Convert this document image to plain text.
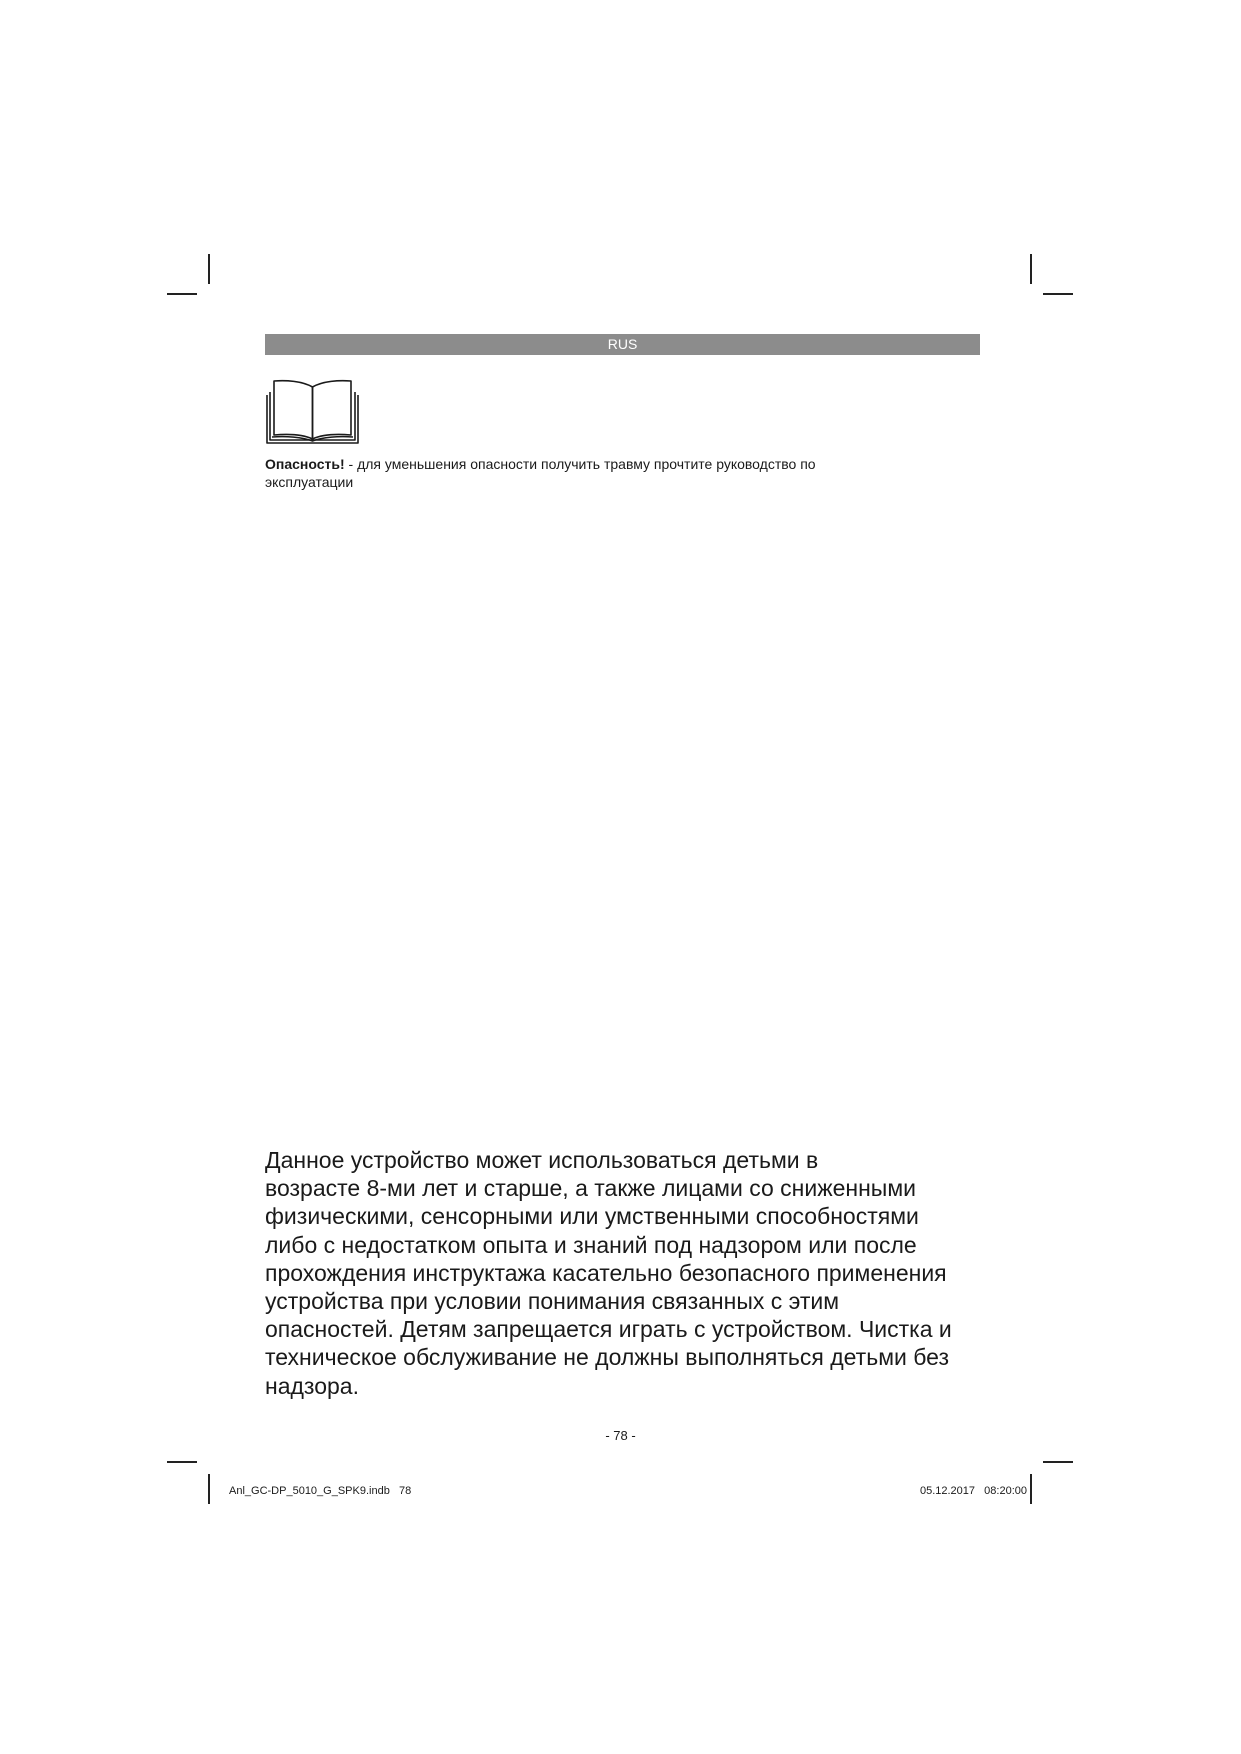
RUS
Опасность! - для уменьшения опасности получить травму прочтите руководство по
эксплуатации

Данное устройство может использоваться детьми в

возрасте 8-ми лет и старше, а также лицами со сниженными

физическими, сенсорными или умственными способностями

либо с недостатком опыта и знаний под надзором или после

прохождения инструктажа касательно безопасного применения

устройства при условии понимания связанных с этим

опасностей. Детям запрещается играть с устройством. Чистка и

техническое обслуживание не должны выполняться детьми без

надзора.

- 78 -
Anl_GC-DP_5010_G_SPK9.indb   78	05.12.2017   08:20:00
